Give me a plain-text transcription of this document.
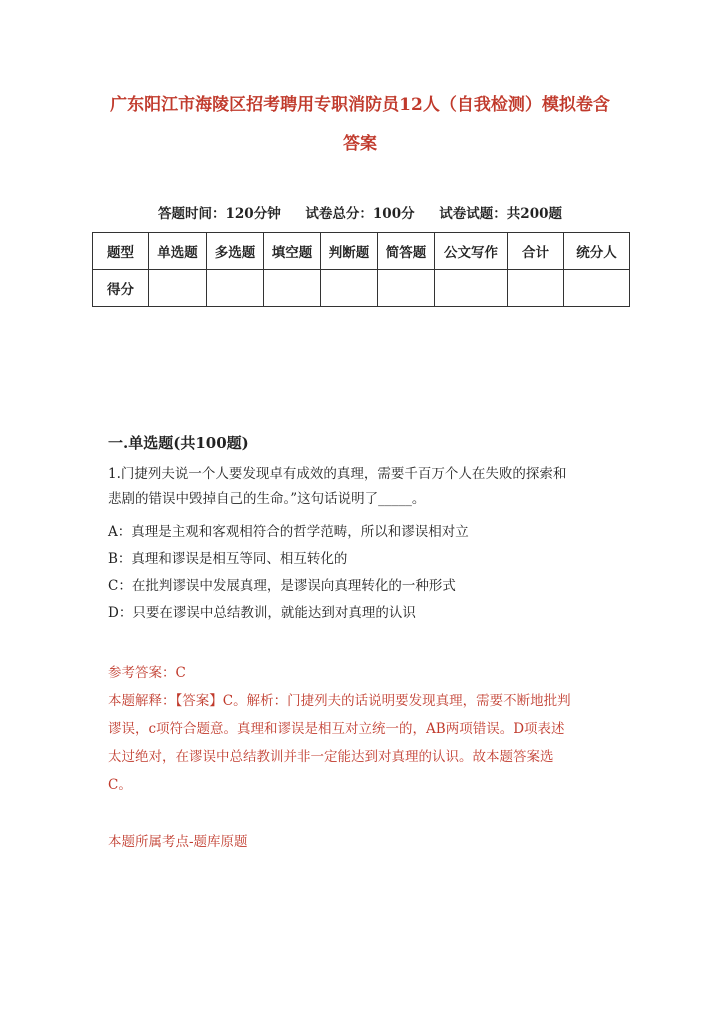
广东阳江市海陵区招考聘用专职消防员12人（自我检测）模拟卷含
答案
答题时间：120分钟 试卷总分：100分 试卷试题：共200题
题型	单选题	多选题	填空题	判断题	简答题	公文写作	合计	统分人
得分								
一.单选题(共100题)
1.门捷列夫说一个人要发现卓有成效的真理，需要千百万个人在失败的探索和
悲剧的错误中毁掉自己的生命。”这句话说明了_____。
A：真理是主观和客观相符合的哲学范畴，所以和谬误相对立
B：真理和谬误是相互等同、相互转化的
C：在批判谬误中发展真理，是谬误向真理转化的一种形式
D：只要在谬误中总结教训，就能达到对真理的认识
参考答案：C
本题解释：【答案】C。解析：门捷列夫的话说明要发现真理，需要不断地批判
谬误，c项符合题意。真理和谬误是相互对立统一的，AB两项错误。D项表述
太过绝对，在谬误中总结教训并非一定能达到对真理的认识。故本题答案选
C。
本题所属考点-题库原题
